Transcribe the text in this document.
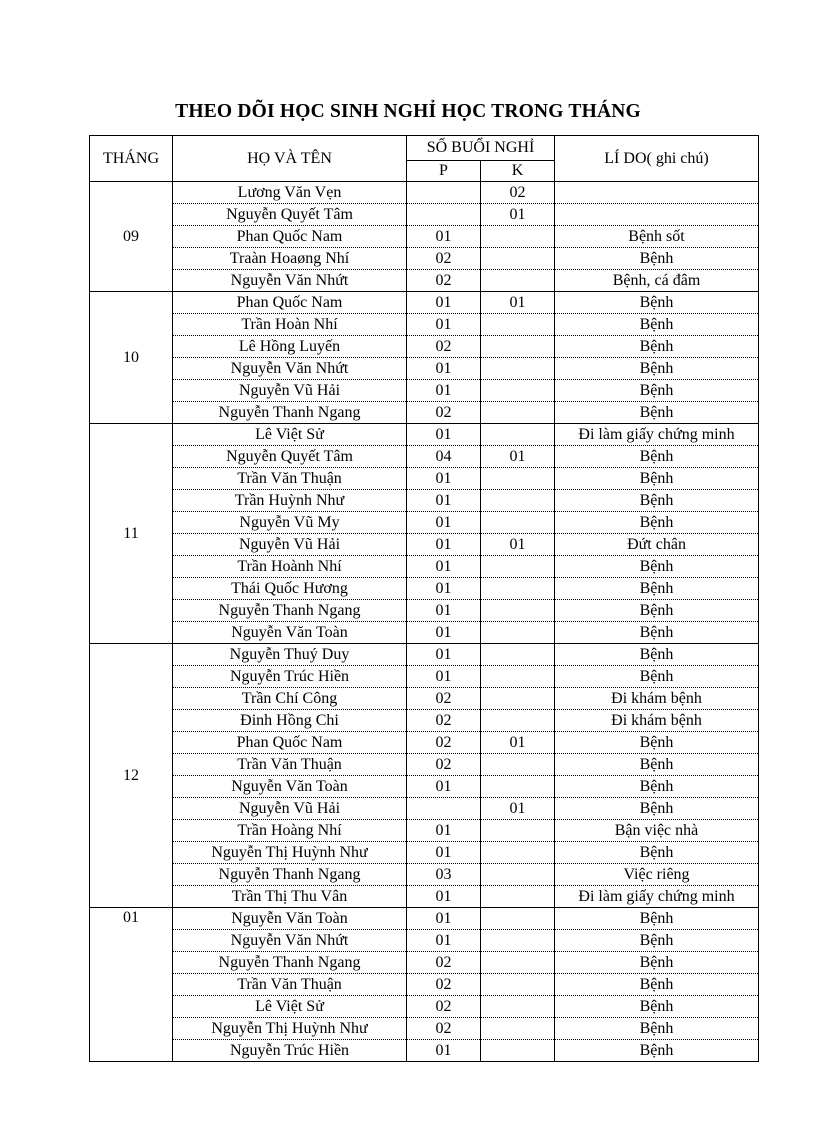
THEO DÕI HỌC SINH NGHỈ HỌC TRONG THÁNG
THÁNG	HỌ VÀ TÊN	SỐ BUỔI NGHỈ		LÍ DO( ghi chú)
		P	K	
09	Lương Văn Vẹn		02	
	Nguyễn Quyết Tâm		01	
	Phan Quốc Nam	01		Bệnh sốt
	Traàn Hoaøng Nhí	02		Bệnh
	Nguyễn Văn Nhứt	02		Bệnh, cá đâm
10	Phan Quốc Nam	01	01	Bệnh
	Trần Hoàn Nhí	01		Bệnh
	Lê Hồng Luyến	02		Bệnh
	Nguyễn Văn Nhứt	01		Bệnh
	Nguyễn Vũ Hải	01		Bệnh
	Nguyễn Thanh Ngang	02		Bệnh
11	Lê Việt Sử	01		Đi làm giấy chứng minh
	Nguyễn Quyết Tâm	04	01	Bệnh
	Trần Văn Thuận	01		Bệnh
	Trần Huỳnh Như	01		Bệnh
	Nguyễn Vũ My	01		Bệnh
	Nguyễn Vũ Hải	01	01	Đứt chân
	Trần Hoành Nhí	01		Bệnh
	Thái Quốc Hương	01		Bệnh
	Nguyễn Thanh Ngang	01		Bệnh
	Nguyễn Văn Toàn	01		Bệnh
12	Nguyễn Thuý Duy	01		Bệnh
	Nguyễn Trúc Hiền	01		Bệnh
	Trần Chí Công	02		Đi khám bệnh
	Đinh Hồng Chi	02		Đi khám bệnh
	Phan Quốc Nam	02	01	Bệnh
	Trần Văn Thuận	02		Bệnh
	Nguyễn Văn Toàn	01		Bệnh
	Nguyễn Vũ Hải		01	Bệnh
	Trần Hoàng Nhí	01		Bận việc nhà
	Nguyễn Thị Huỳnh Như	01		Bệnh
	Nguyễn Thanh Ngang	03		Việc riêng
	Trần Thị Thu Vân	01		Đi làm giấy chứng minh
01	Nguyễn Văn Toàn	01		Bệnh
	Nguyễn Văn Nhứt	01		Bệnh
	Nguyễn Thanh Ngang	02		Bệnh
	Trần Văn Thuận	02		Bệnh
	Lê Việt Sử	02		Bệnh
	Nguyễn Thị Huỳnh Như	02		Bệnh
	Nguyễn Trúc Hiền	01		Bệnh
